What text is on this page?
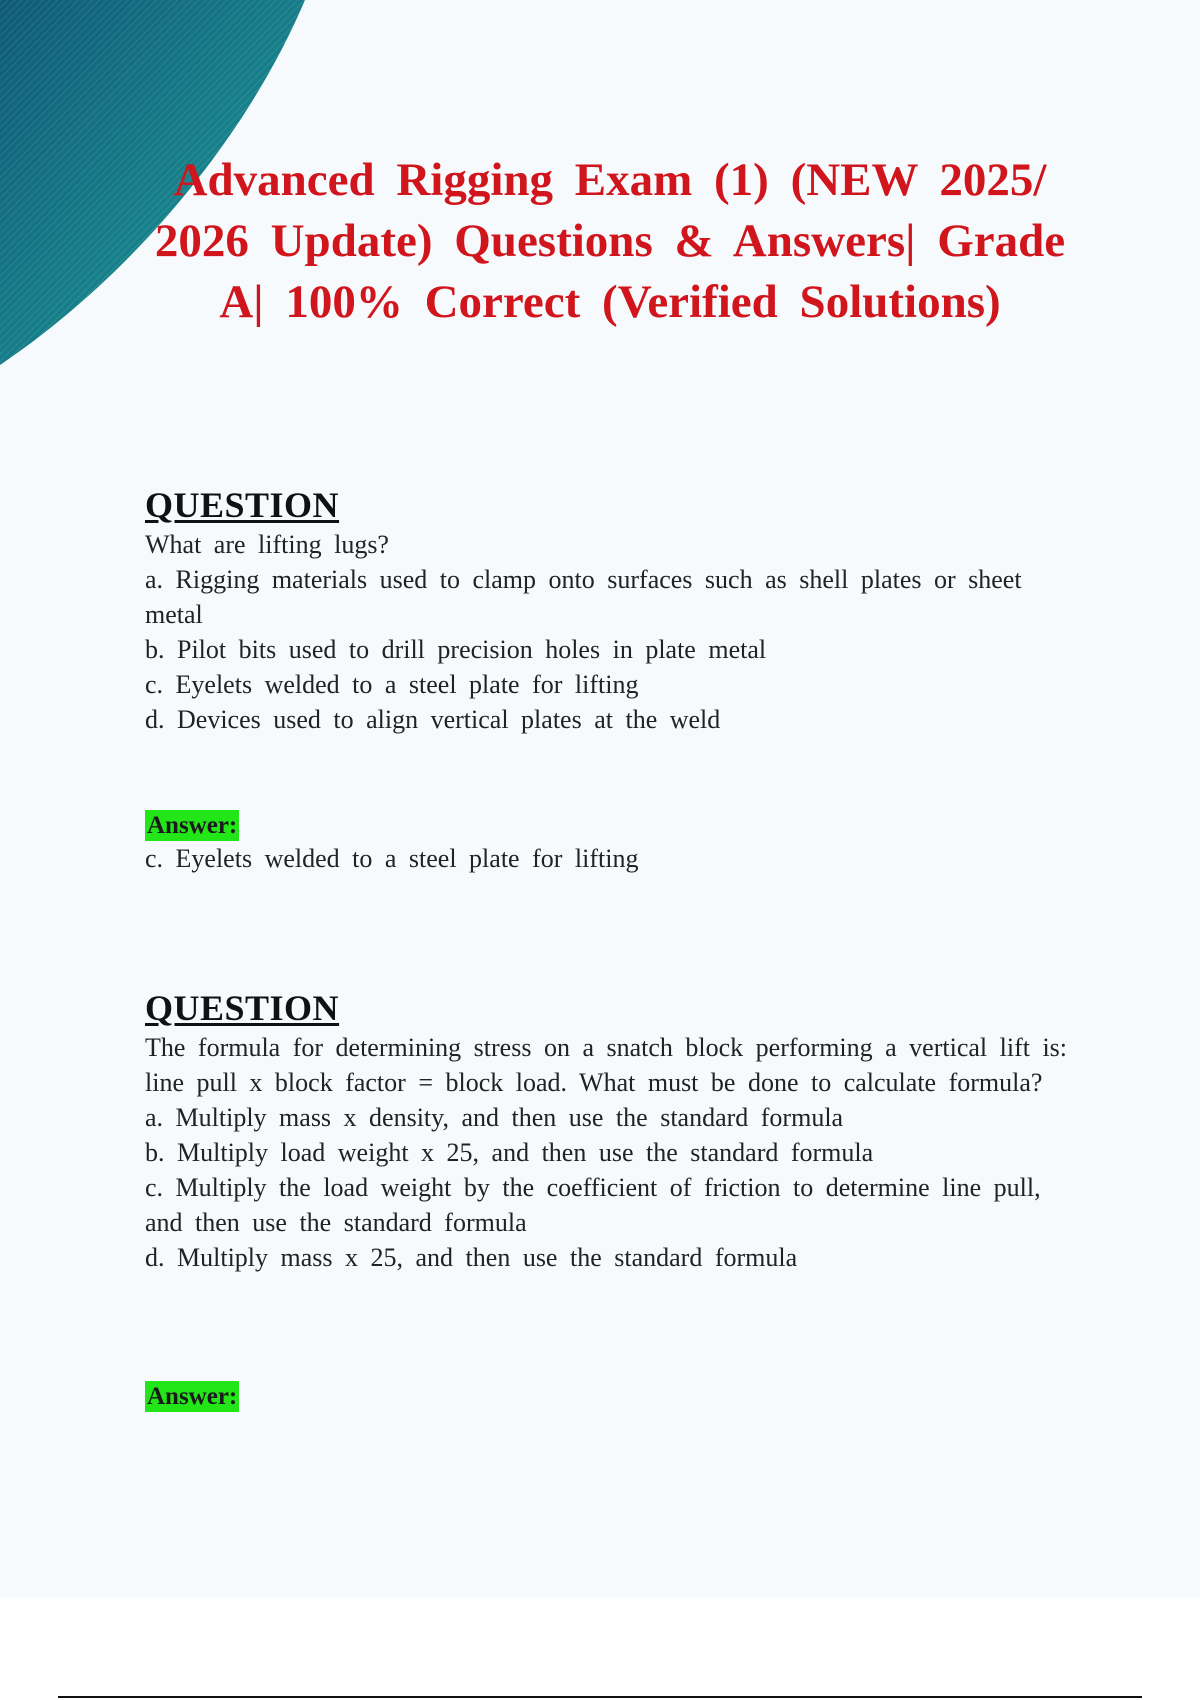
Advanced Rigging Exam (1) (NEW 2025/ 2026 Update) Questions & Answers| Grade A| 100% Correct (Verified Solutions)
QUESTION
What are lifting lugs?
a. Rigging materials used to clamp onto surfaces such as shell plates or sheet metal
b. Pilot bits used to drill precision holes in plate metal
c. Eyelets welded to a steel plate for lifting
d. Devices used to align vertical plates at the weld
Answer:
c. Eyelets welded to a steel plate for lifting
QUESTION
The formula for determining stress on a snatch block performing a vertical lift is: line pull x block factor = block load. What must be done to calculate formula?
a. Multiply mass x density, and then use the standard formula
b. Multiply load weight x 25, and then use the standard formula
c. Multiply the load weight by the coefficient of friction to determine line pull, and then use the standard formula
d. Multiply mass x 25, and then use the standard formula
Answer:
